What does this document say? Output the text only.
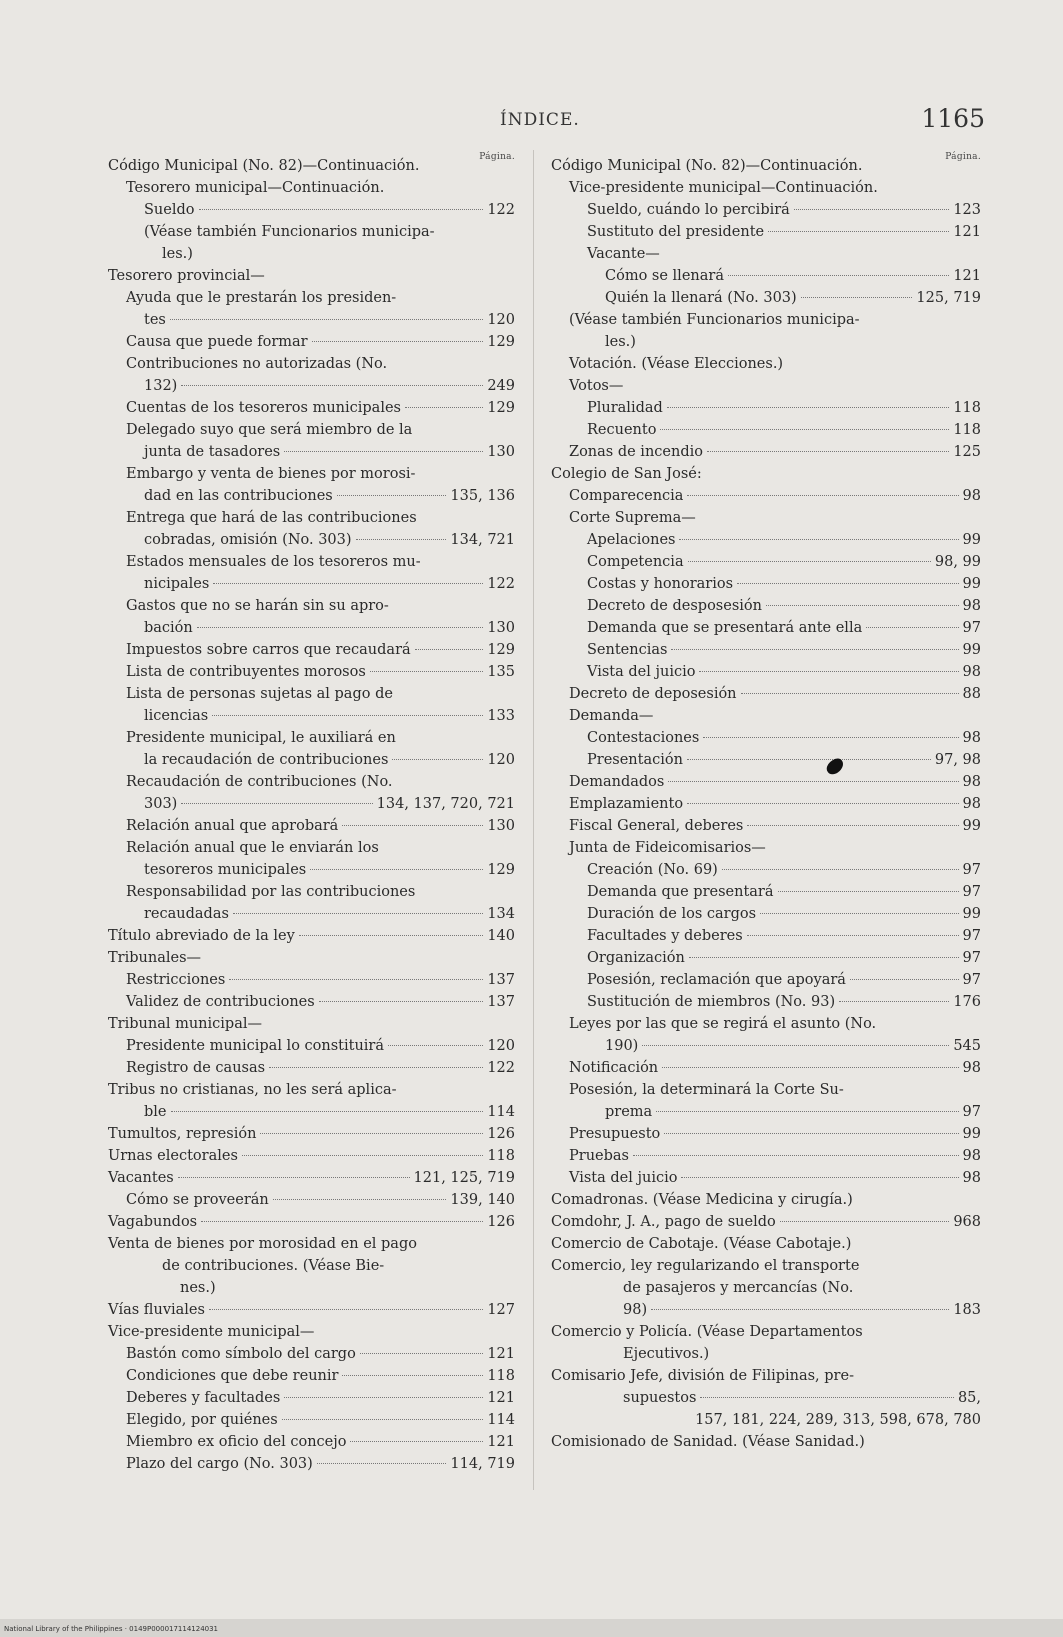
ÍNDICE.	1165
Página.
Código Municipal (No. 82)—Continuación.
Tesorero municipal—Continuación.
Sueldo	122
(Véase también Funcionarios municipa-
les.)
Tesorero provincial—
Ayuda que le prestarán los presiden-
tes	120
Causa que puede formar	129
Contribuciones no autorizadas (No.
132)	249
Cuentas de los tesoreros municipales	129
Delegado suyo que será miembro de la
junta de tasadores	130
Embargo y venta de bienes por morosi-
dad en las contribuciones	135, 136
Entrega que hará de las contribuciones
cobradas, omisión (No. 303)	134, 721
Estados mensuales de los tesoreros mu-
nicipales	122
Gastos que no se harán sin su apro-
bación	130
Impuestos sobre carros que recaudará	129
Lista de contribuyentes morosos	135
Lista de personas sujetas al pago de
licencias	133
Presidente municipal, le auxiliará en
la recaudación de contribuciones	120
Recaudación de contribuciones (No.
303)	134, 137, 720, 721
Relación anual que aprobará	130
Relación anual que le enviarán los
tesoreros municipales	129
Responsabilidad por las contribuciones
recaudadas	134
Título abreviado de la ley	140
Tribunales—
Restricciones	137
Validez de contribuciones	137
Tribunal municipal—
Presidente municipal lo constituirá	120
Registro de causas	122
Tribus no cristianas, no les será aplica-
ble	114
Tumultos, represión	126
Urnas electorales	118
Vacantes	121, 125, 719
Cómo se proveerán	139, 140
Vagabundos	126
Venta de bienes por morosidad en el pago
de contribuciones. (Véase Bie-
nes.)
Vías fluviales	127
Vice-presidente municipal—
Bastón como símbolo del cargo	121
Condiciones que debe reunir	118
Deberes y facultades	121
Elegido, por quiénes	114
Miembro ex oficio del concejo	121
Plazo del cargo (No. 303)	114, 719
Página.
Código Municipal (No. 82)—Continuación.
Vice-presidente municipal—Continuación.
Sueldo, cuándo lo percibirá	123
Sustituto del presidente	121
Vacante—
Cómo se llenará	121
Quién la llenará (No. 303)	125, 719
(Véase también Funcionarios municipa-
les.)
Votación. (Véase Elecciones.)
Votos—
Pluralidad	118
Recuento	118
Zonas de incendio	125
Colegio de San José:
Comparecencia	98
Corte Suprema—
Apelaciones	99
Competencia	98, 99
Costas y honorarios	99
Decreto de desposesión	98
Demanda que se presentará ante ella	97
Sentencias	99
Vista del juicio	98
Decreto de deposesión	88
Demanda—
Contestaciones	98
Presentación	97, 98
Demandados	98
Emplazamiento	98
Fiscal General, deberes	99
Junta de Fideicomisarios—
Creación (No. 69)	97
Demanda que presentará	97
Duración de los cargos	99
Facultades y deberes	97
Organización	97
Posesión, reclamación que apoyará	97
Sustitución de miembros (No. 93)	176
Leyes por las que se regirá el asunto (No.
190)	545
Notificación	98
Posesión, la determinará la Corte Su-
prema	97
Presupuesto	99
Pruebas	98
Vista del juicio	98
Comadronas. (Véase Medicina y cirugía.)
Comdohr, J. A., pago de sueldo	968
Comercio de Cabotaje. (Véase Cabotaje.)
Comercio, ley regularizando el transporte
de pasajeros y mercancías (No.
98)	183
Comercio y Policía. (Véase Departamentos
Ejecutivos.)
Comisario Jefe, división de Filipinas, pre-
supuestos	85,
157, 181, 224, 289, 313, 598, 678, 780
Comisionado de Sanidad. (Véase Sanidad.)
National Library of the Philippines · 0149P000017114124031
